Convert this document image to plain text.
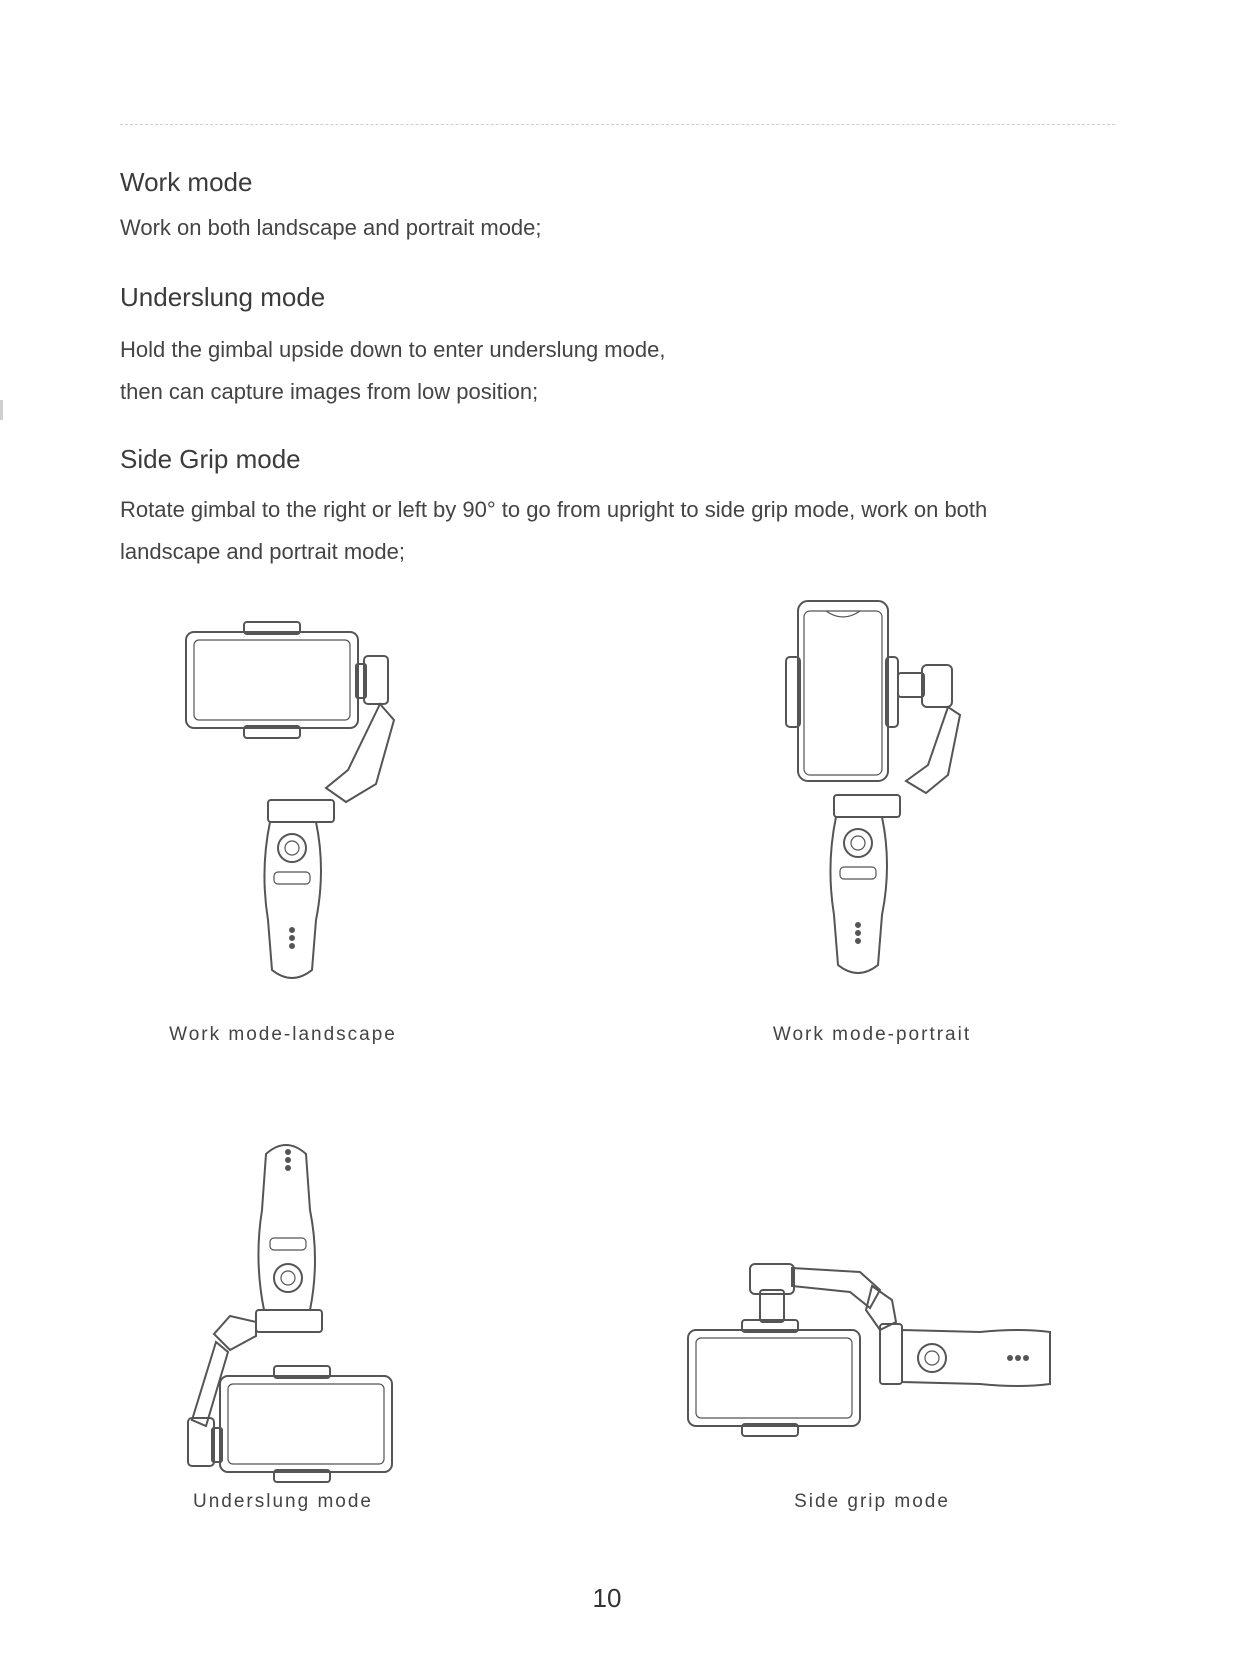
Work mode

Work on both landscape and portrait mode;

Underslung mode

Hold the gimbal upside down to enter underslung mode,

then can capture images from low position;

Side Grip mode

Rotate gimbal to the right or left by 90° to go from upright to side grip mode, work on both

landscape and portrait mode;

Work mode-landscape	Work mode-portrait

Underslung mode	Side grip mode

10
